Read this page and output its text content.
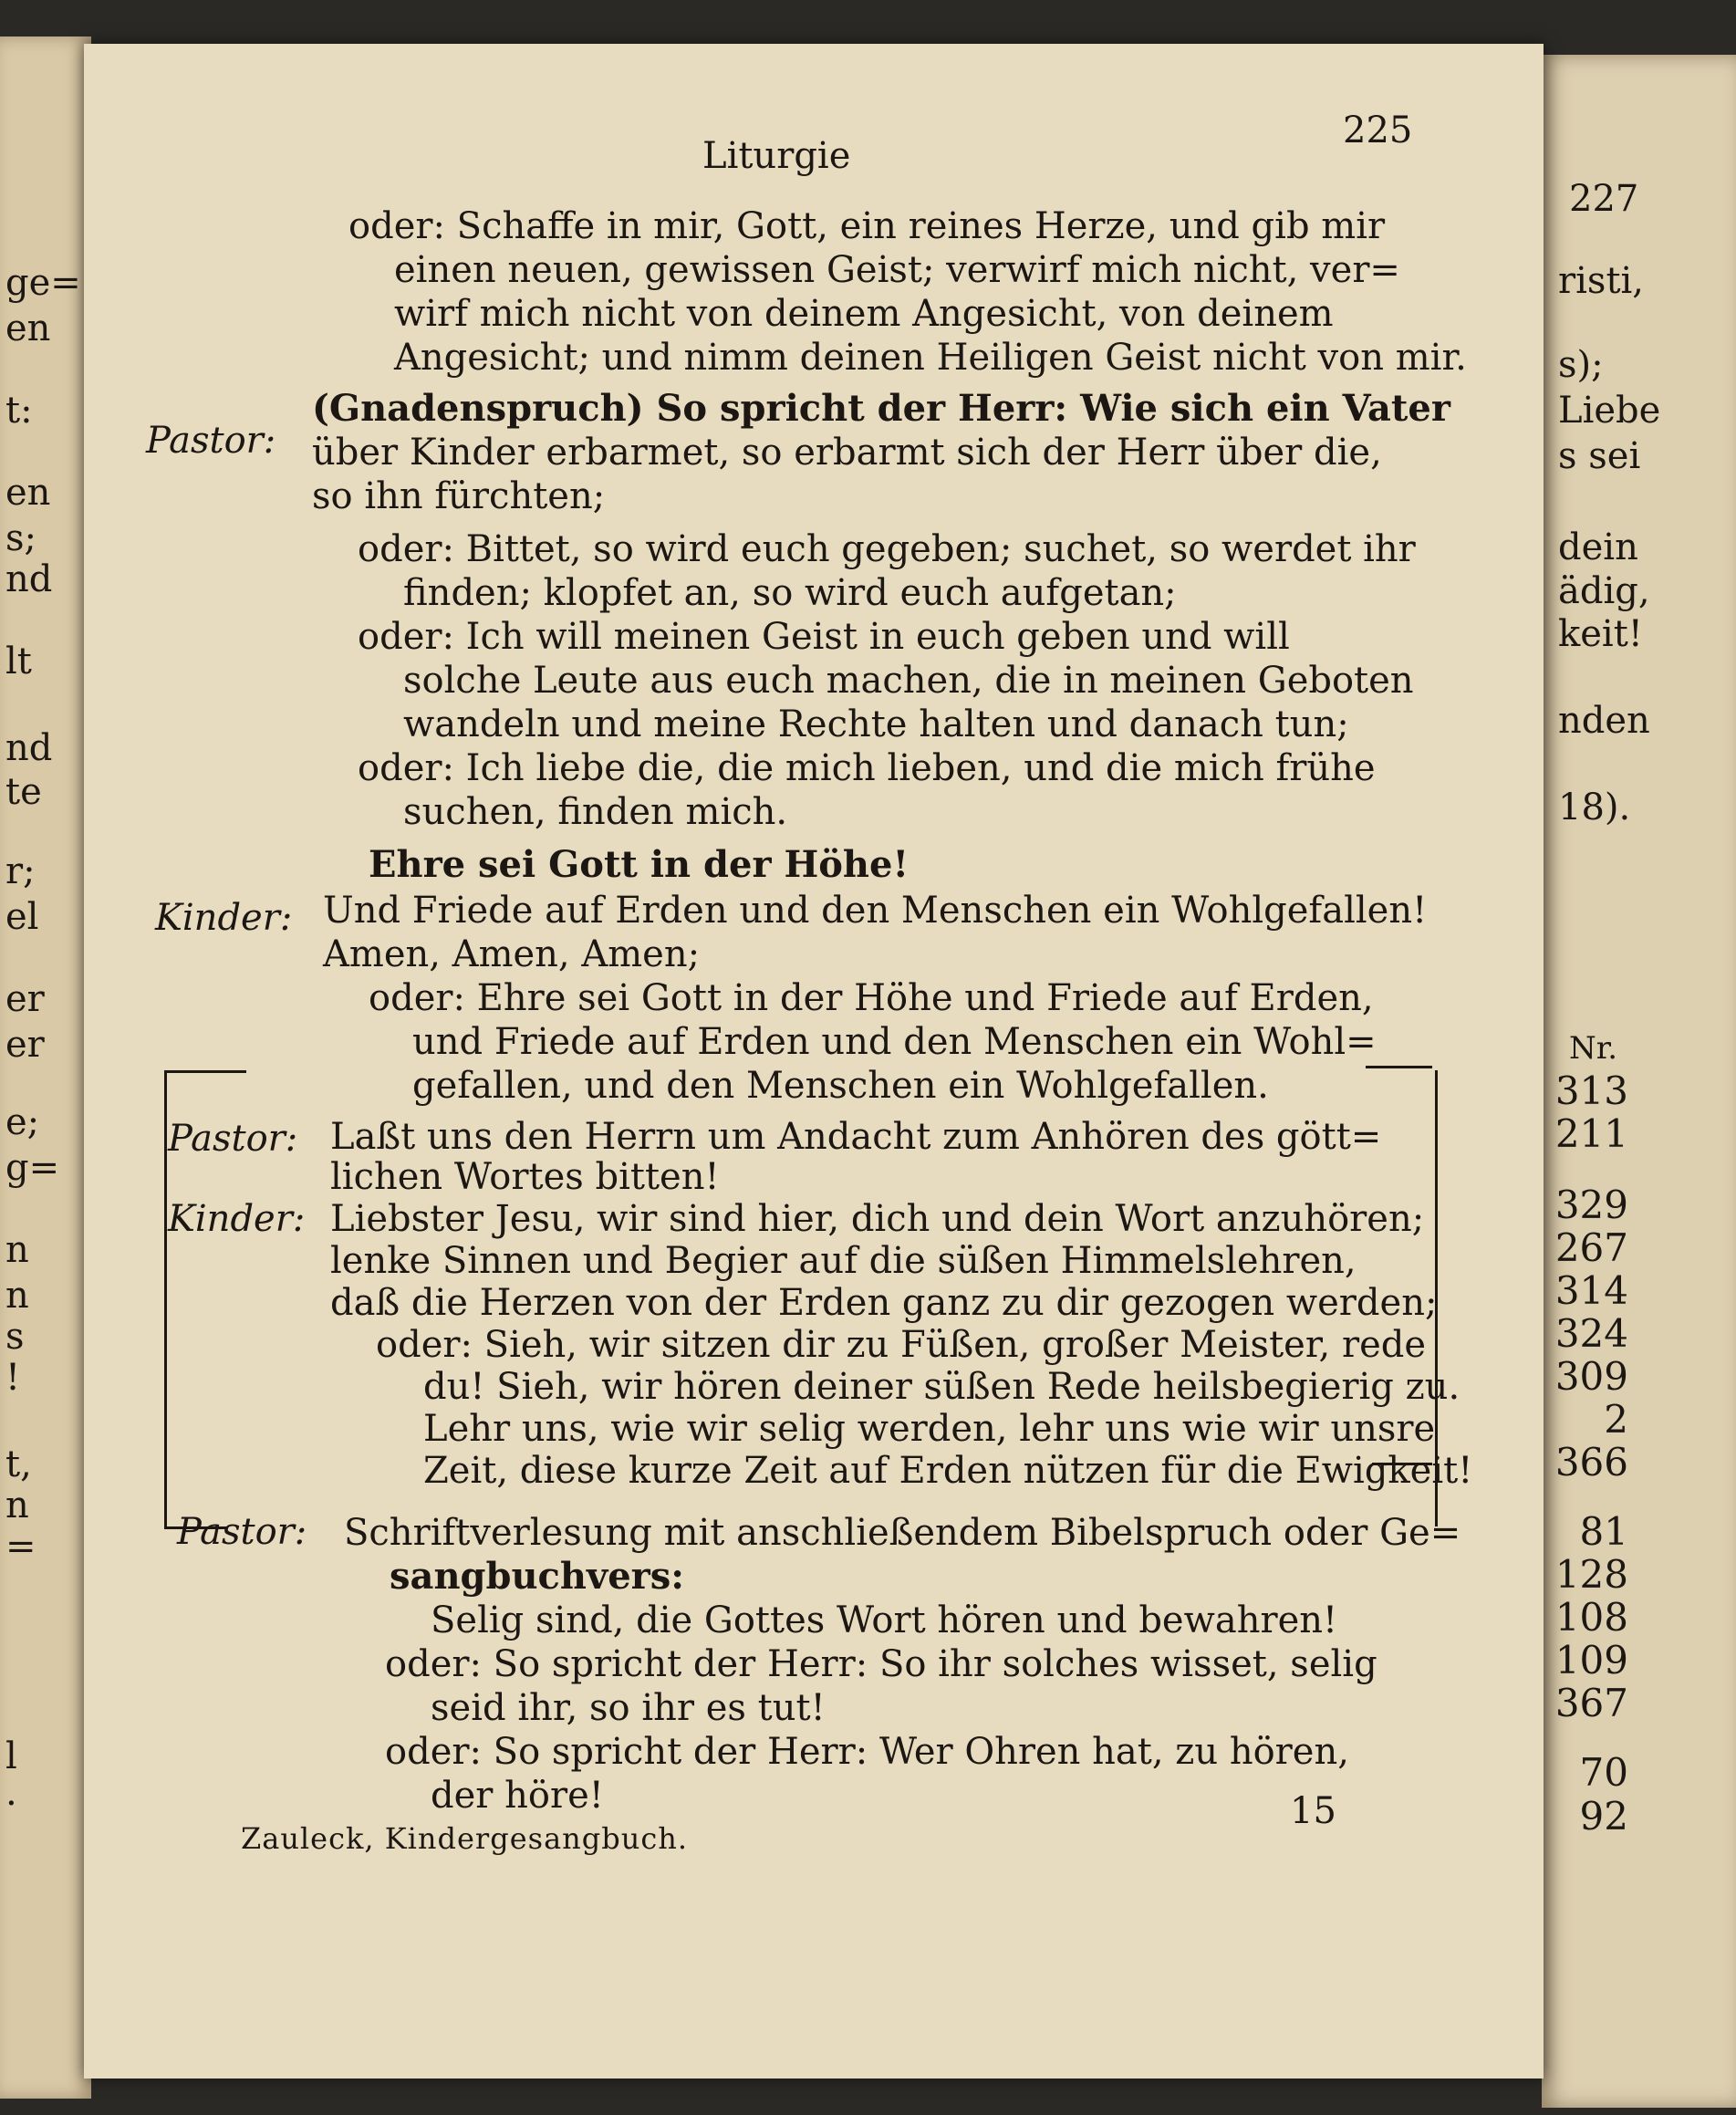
ge=
en
t:
en
s;
nd
lt
nd
te
r;
el
er
er
e;
g=
n
n
s
!
t,
n
=
l
.
227
risti,
s);
Liebe
s sei
dein
ädig,
keit!
nden
18).
Nr.
313
211
329
267
314
324
309
2
366
81
128
108
109
367
70
92
Liturgie
225
Pastor:
Kinder:
Pastor:
Kinder:
Pastor:
oder: Schaffe in mir, Gott, ein reines Herze, und gib mir
einen neuen, gewissen Geist; verwirf mich nicht, ver=
wirf mich nicht von deinem Angesicht, von deinem
Angesicht; und nimm deinen Heiligen Geist nicht von mir.
(Gnadenspruch) So spricht der Herr: Wie sich ein Vater
über Kinder erbarmet, so erbarmt sich der Herr über die,
so ihn fürchten;
oder: Bittet, so wird euch gegeben; suchet, so werdet ihr
finden; klopfet an, so wird euch aufgetan;
oder: Ich will meinen Geist in euch geben und will
solche Leute aus euch machen, die in meinen Geboten
wandeln und meine Rechte halten und danach tun;
oder: Ich liebe die, die mich lieben, und die mich frühe
suchen, finden mich.
Ehre sei Gott in der Höhe!
Und Friede auf Erden und den Menschen ein Wohlgefallen!
Amen, Amen, Amen;
oder: Ehre sei Gott in der Höhe und Friede auf Erden,
und Friede auf Erden und den Menschen ein Wohl=
gefallen, und den Menschen ein Wohlgefallen.
Laßt uns den Herrn um Andacht zum Anhören des gött=
lichen Wortes bitten!
Liebster Jesu, wir sind hier, dich und dein Wort anzuhören;
lenke Sinnen und Begier auf die süßen Himmelslehren,
daß die Herzen von der Erden ganz zu dir gezogen werden;
oder: Sieh, wir sitzen dir zu Füßen, großer Meister, rede
du! Sieh, wir hören deiner süßen Rede heilsbegierig zu.
Lehr uns, wie wir selig werden, lehr uns wie wir unsre
Zeit, diese kurze Zeit auf Erden nützen für die Ewigkeit!
Schriftverlesung mit anschließendem Bibelspruch oder Ge=
sangbuchvers:
Selig sind, die Gottes Wort hören und bewahren!
oder: So spricht der Herr: So ihr solches wisset, selig
seid ihr, so ihr es tut!
oder: So spricht der Herr: Wer Ohren hat, zu hören,
der höre!	15
Zauleck, Kindergesangbuch.
